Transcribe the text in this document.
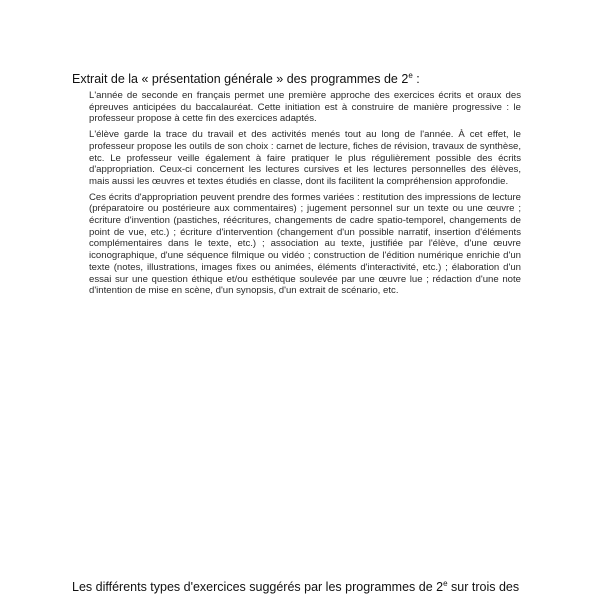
Extrait de la « présentation générale » des programmes de 2e :

L'année de seconde en français permet une première approche des exercices écrits et oraux des épreuves anticipées du baccalauréat. Cette initiation est à construire de manière progressive : le professeur propose à cette fin des exercices adaptés.

L'élève garde la trace du travail et des activités menés tout au long de l'année. À cet effet, le professeur propose les outils de son choix : carnet de lecture, fiches de révision, travaux de synthèse, etc. Le professeur veille également à faire pratiquer le plus régulièrement possible des écrits d'appropriation. Ceux-ci concernent les lectures cursives et les lectures personnelles des élèves, mais aussi les œuvres et textes étudiés en classe, dont ils facilitent la compréhension approfondie.

Ces écrits d'appropriation peuvent prendre des formes variées : restitution des impressions de lecture (préparatoire ou postérieure aux commentaires) ; jugement personnel sur un texte ou une œuvre ; écriture d'invention (pastiches, réécritures, changements de cadre spatio-temporel, changements de point de vue, etc.) ; écriture d'intervention (changement d'un possible narratif, insertion d'éléments complémentaires dans le texte, etc.) ; association au texte, justifiée par l'élève, d'une œuvre iconographique, d'une séquence filmique ou vidéo ; construction de l'édition numérique enrichie d'un texte (notes, illustrations, images fixes ou animées, éléments d'interactivité, etc.) ; élaboration d'un essai sur une question éthique et/ou esthétique soulevée par une œuvre lue ; rédaction d'une note d'intention de mise en scène, d'un synopsis, d'un extrait de scénario, etc.

Les différents types d'exercices suggérés par les programmes de 2e sur trois des
